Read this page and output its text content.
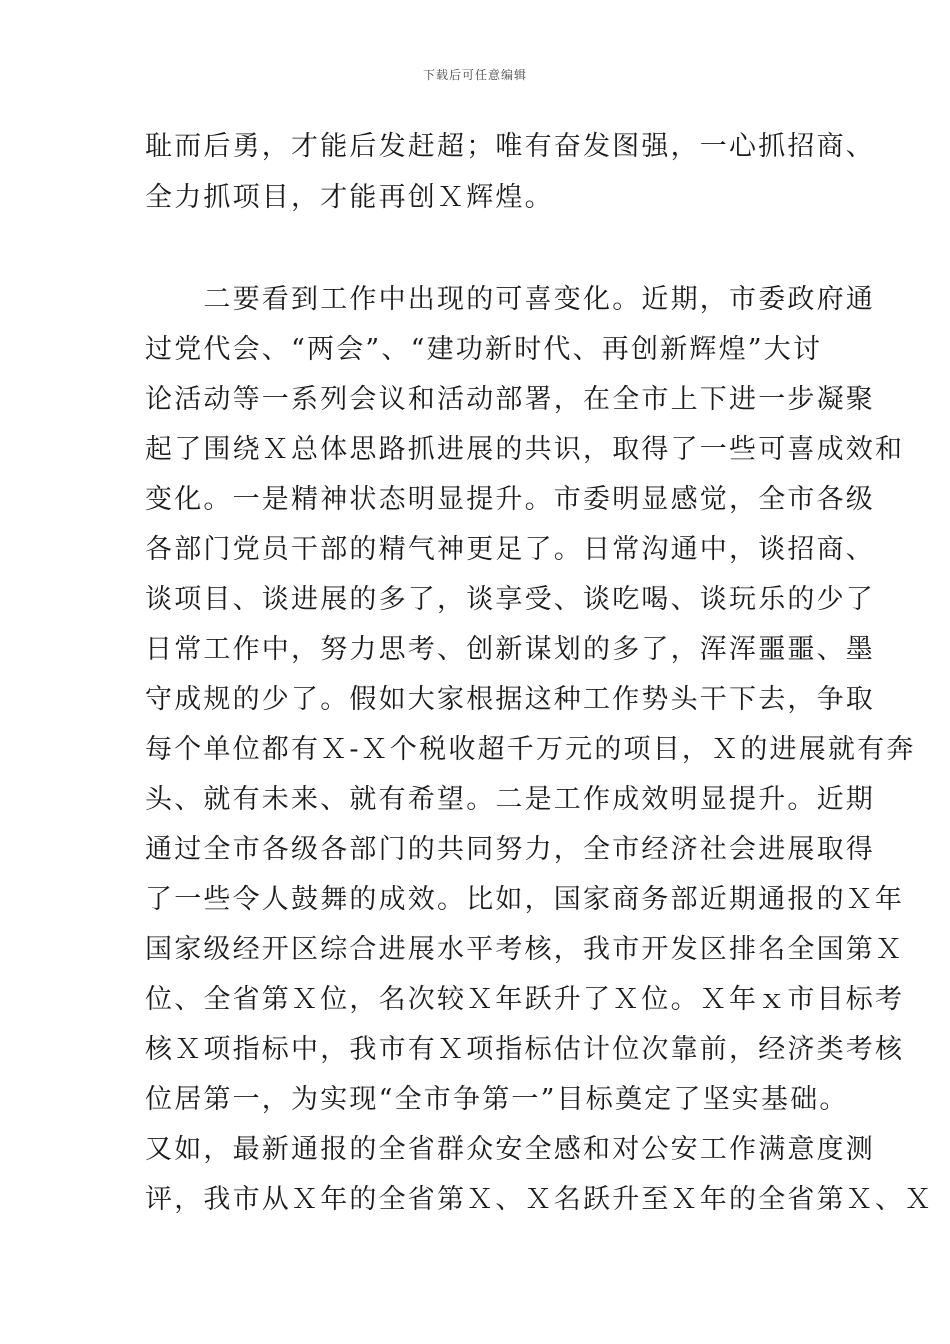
下载后可任意编辑
耻而后勇，才能后发赶超；唯有奋发图强，一心抓招商、
全力抓项目，才能再创Ｘ辉煌。
　　二要看到工作中出现的可喜变化。近期，市委政府通
过党代会、“两会”、“建功新时代、再创新辉煌”大讨
论活动等一系列会议和活动部署，在全市上下进一步凝聚
起了围绕Ｘ总体思路抓进展的共识，取得了一些可喜成效和
变化。一是精神状态明显提升。市委明显感觉，全市各级
各部门党员干部的精气神更足了。日常沟通中，谈招商、
谈项目、谈进展的多了，谈享受、谈吃喝、谈玩乐的少了
日常工作中，努力思考、创新谋划的多了，浑浑噩噩、墨
守成规的少了。假如大家根据这种工作势头干下去，争取
每个单位都有Ｘ-Ｘ个税收超千万元的项目，Ｘ的进展就有奔
头、就有未来、就有希望。二是工作成效明显提升。近期
通过全市各级各部门的共同努力，全市经济社会进展取得
了一些令人鼓舞的成效。比如，国家商务部近期通报的Ｘ年
国家级经开区综合进展水平考核，我市开发区排名全国第Ｘ
位、全省第Ｘ位，名次较Ｘ年跃升了Ｘ位。Ｘ年ｘ市目标考
核Ｘ项指标中，我市有Ｘ项指标估计位次靠前，经济类考核
位居第一，为实现“全市争第一”目标奠定了坚实基础。
又如，最新通报的全省群众安全感和对公安工作满意度测
评，我市从Ｘ年的全省第Ｘ、Ｘ名跃升至Ｘ年的全省第Ｘ、Ｘ
